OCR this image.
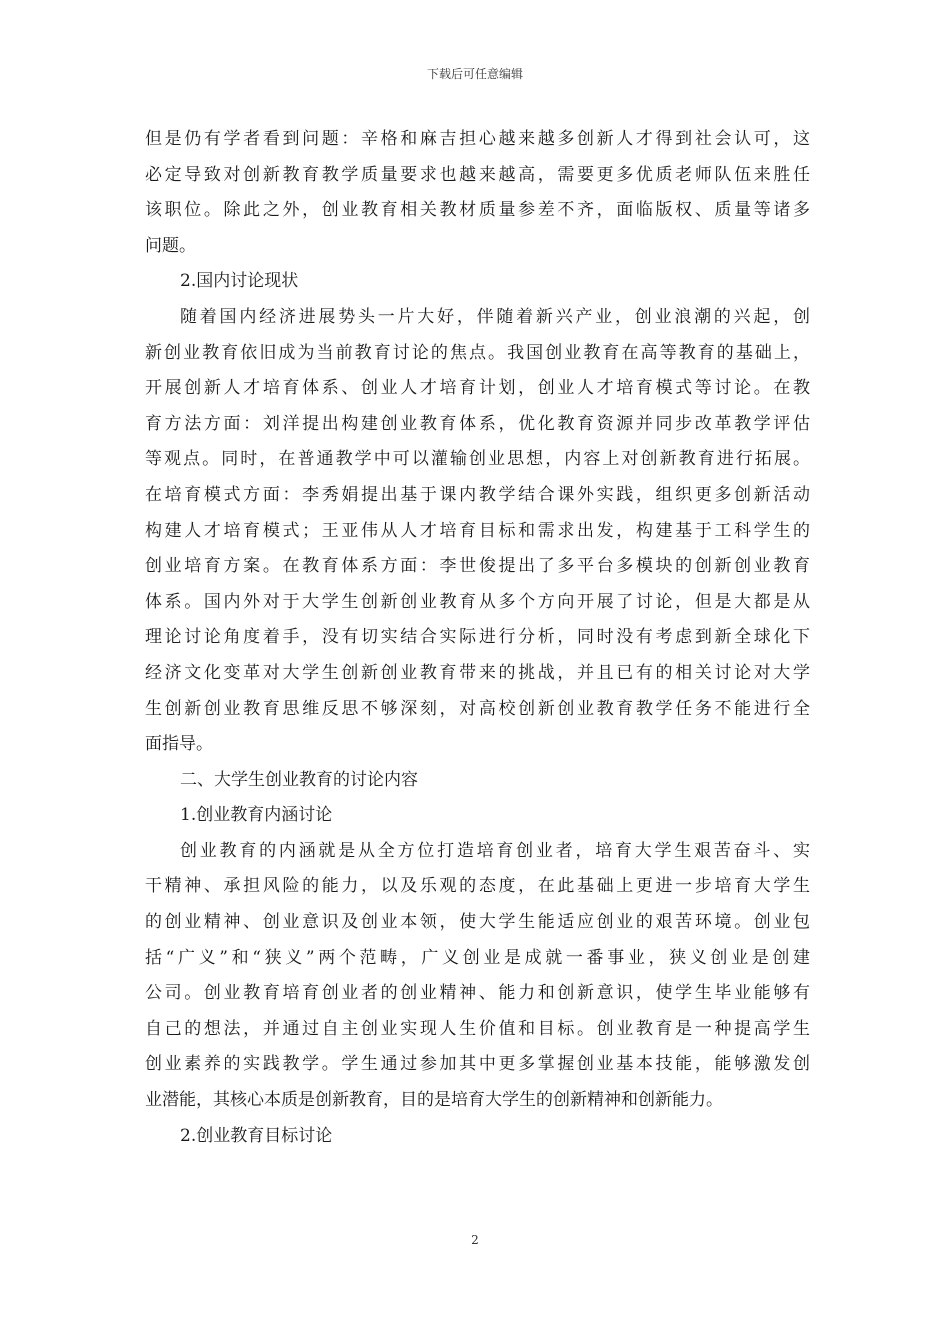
下载后可任意编辑
但是仍有学者看到问题：辛格和麻吉担心越来越多创新人才得到社会认可，这
必定导致对创新教育教学质量要求也越来越高，需要更多优质老师队伍来胜任
该职位。除此之外，创业教育相关教材质量参差不齐，面临版权、质量等诸多
问题。
2.国内讨论现状
随着国内经济进展势头一片大好，伴随着新兴产业，创业浪潮的兴起，创
新创业教育依旧成为当前教育讨论的焦点。我国创业教育在高等教育的基础上，
开展创新人才培育体系、创业人才培育计划，创业人才培育模式等讨论。在教
育方法方面：刘洋提出构建创业教育体系，优化教育资源并同步改革教学评估
等观点。同时，在普通教学中可以灌输创业思想，内容上对创新教育进行拓展。
在培育模式方面：李秀娟提出基于课内教学结合课外实践，组织更多创新活动
构建人才培育模式；王亚伟从人才培育目标和需求出发，构建基于工科学生的
创业培育方案。在教育体系方面：李世俊提出了多平台多模块的创新创业教育
体系。国内外对于大学生创新创业教育从多个方向开展了讨论，但是大都是从
理论讨论角度着手，没有切实结合实际进行分析，同时没有考虑到新全球化下
经济文化变革对大学生创新创业教育带来的挑战，并且已有的相关讨论对大学
生创新创业教育思维反思不够深刻，对高校创新创业教育教学任务不能进行全
面指导。
二、大学生创业教育的讨论内容
1.创业教育内涵讨论
创业教育的内涵就是从全方位打造培育创业者，培育大学生艰苦奋斗、实
干精神、承担风险的能力，以及乐观的态度，在此基础上更进一步培育大学生
的创业精神、创业意识及创业本领，使大学生能适应创业的艰苦环境。创业包
括“广义”和“狭义”两个范畴，广义创业是成就一番事业，狭义创业是创建
公司。创业教育培育创业者的创业精神、能力和创新意识，使学生毕业能够有
自己的想法，并通过自主创业实现人生价值和目标。创业教育是一种提高学生
创业素养的实践教学。学生通过参加其中更多掌握创业基本技能，能够激发创
业潜能，其核心本质是创新教育，目的是培育大学生的创新精神和创新能力。
2.创业教育目标讨论
2
